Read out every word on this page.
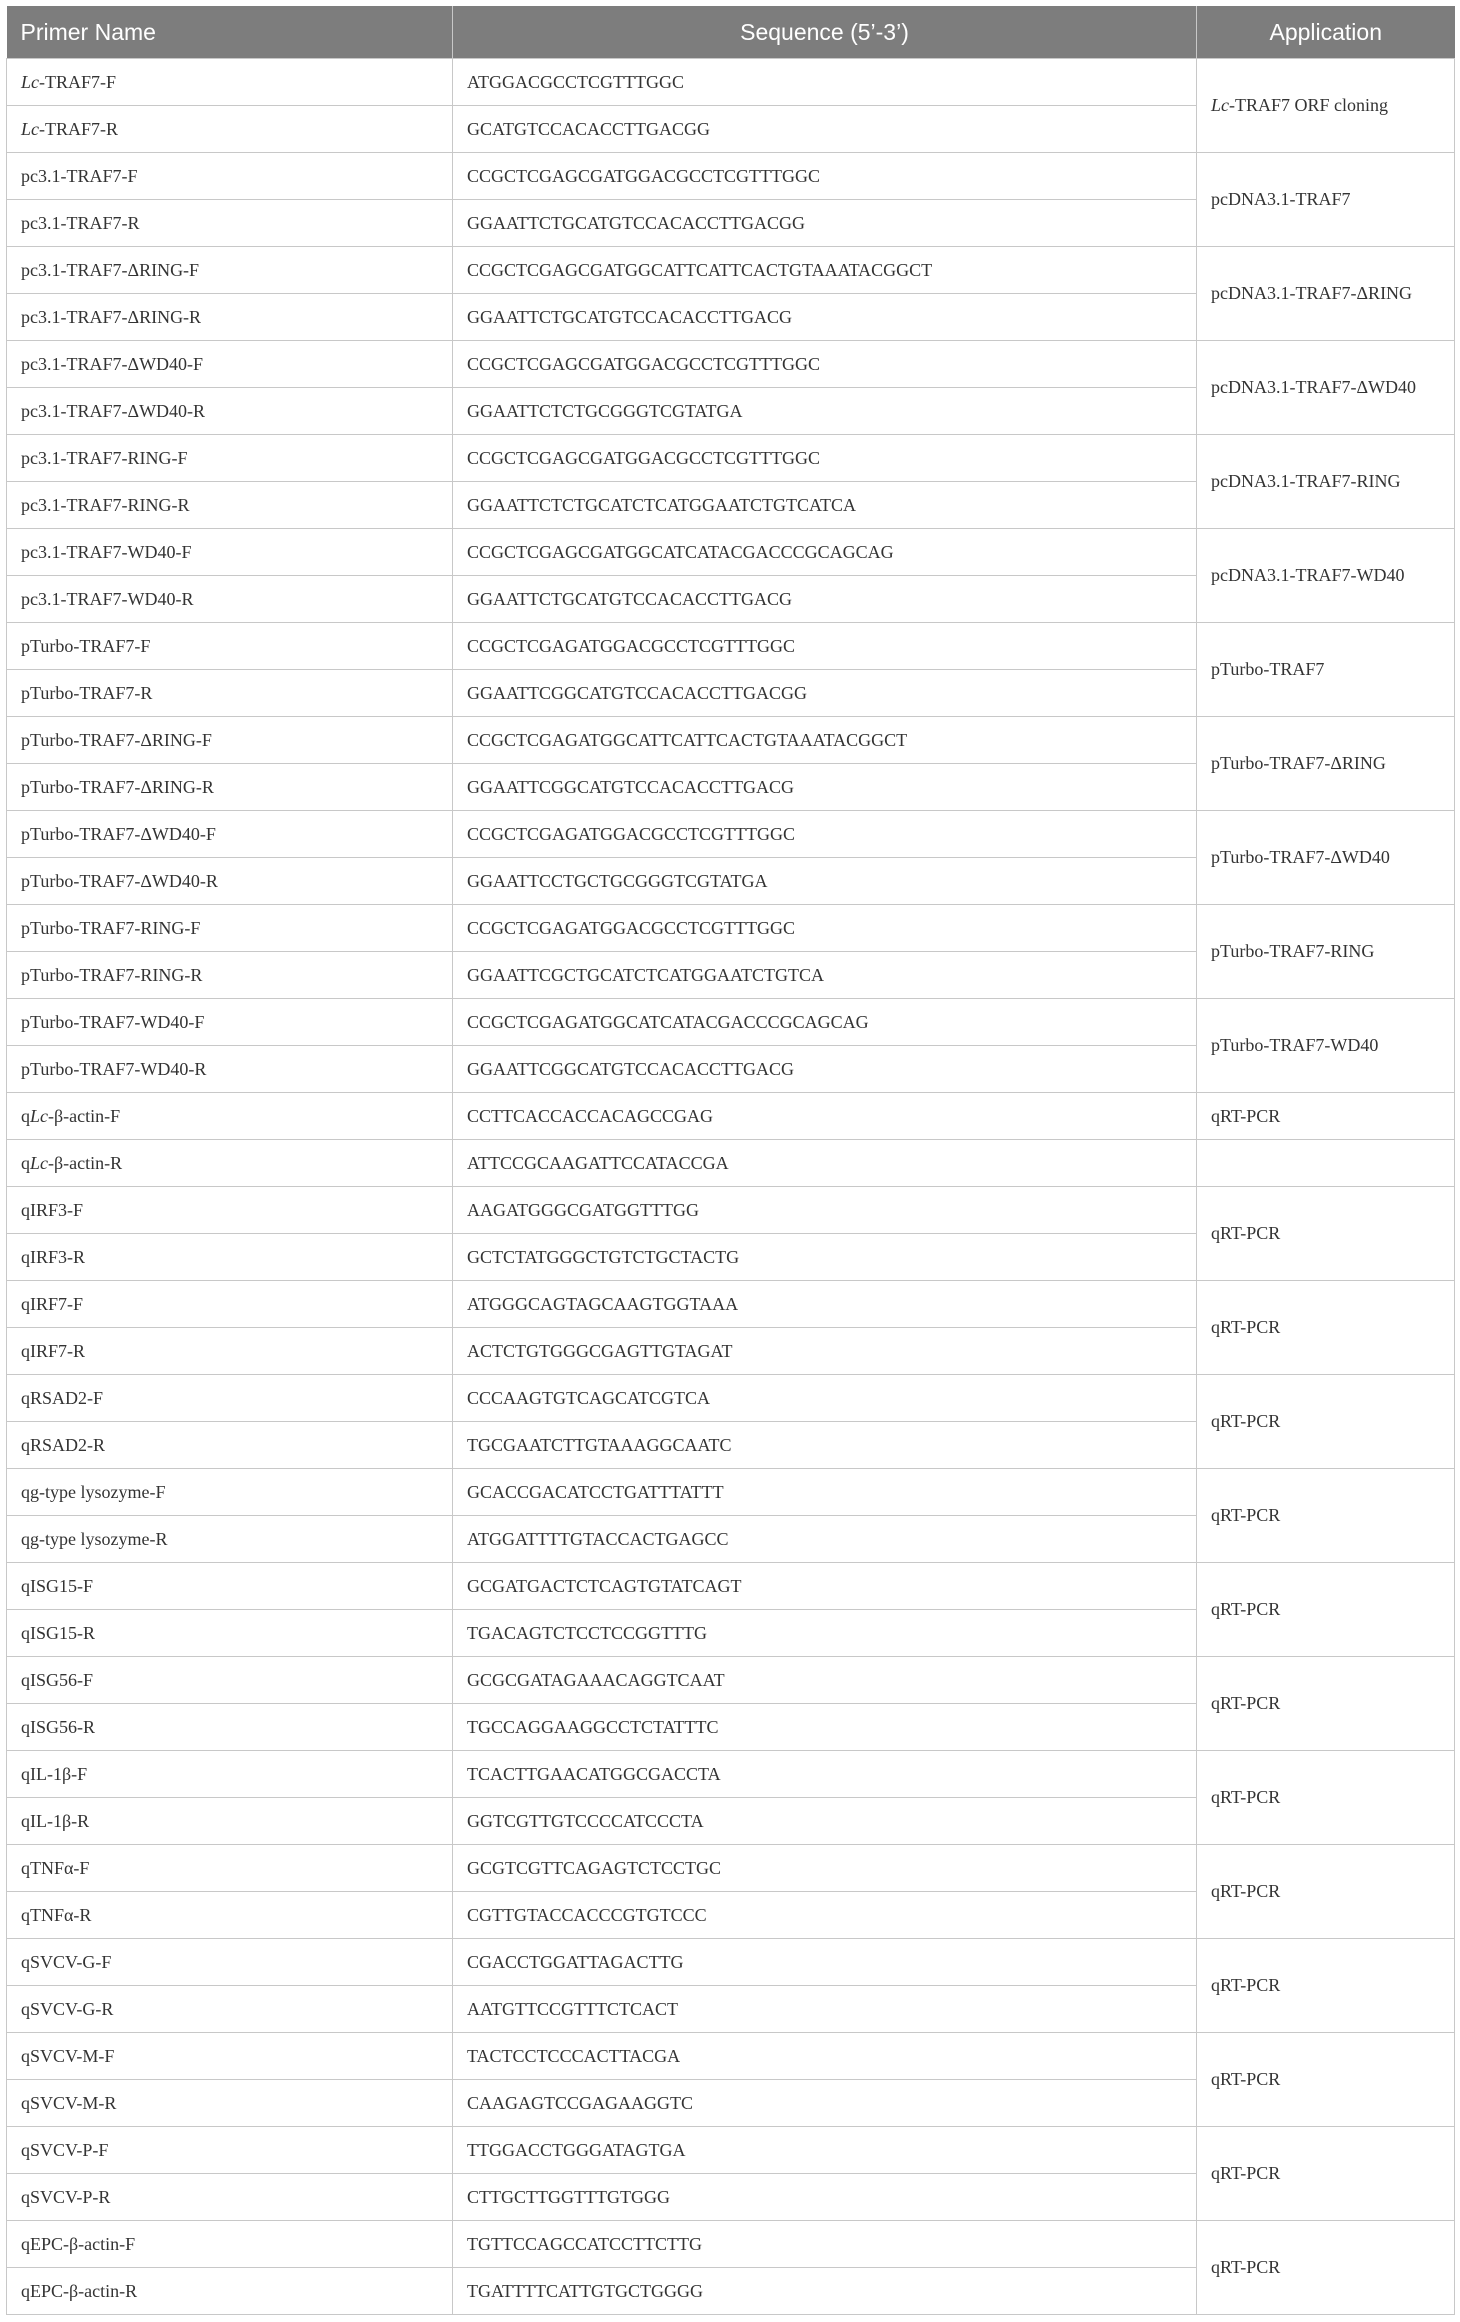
Primer Name	Sequence (5’-3’)	Application
Lc-TRAF7-F	ATGGACGCCTCGTTTGGC	Lc-TRAF7 ORF cloning
Lc-TRAF7-R	GCATGTCCACACCTTGACGG	
pc3.1-TRAF7-F	CCGCTCGAGCGATGGACGCCTCGTTTGGC	pcDNA3.1-TRAF7
pc3.1-TRAF7-R	GGAATTCTGCATGTCCACACCTTGACGG	
pc3.1-TRAF7-ΔRING-F	CCGCTCGAGCGATGGCATTCATTCACTGTAAATACGGCT	pcDNA3.1-TRAF7-ΔRING
pc3.1-TRAF7-ΔRING-R	GGAATTCTGCATGTCCACACCTTGACG	
pc3.1-TRAF7-ΔWD40-F	CCGCTCGAGCGATGGACGCCTCGTTTGGC	pcDNA3.1-TRAF7-ΔWD40
pc3.1-TRAF7-ΔWD40-R	GGAATTCTCTGCGGGTCGTATGA	
pc3.1-TRAF7-RING-F	CCGCTCGAGCGATGGACGCCTCGTTTGGC	pcDNA3.1-TRAF7-RING
pc3.1-TRAF7-RING-R	GGAATTCTCTGCATCTCATGGAATCTGTCATCA	
pc3.1-TRAF7-WD40-F	CCGCTCGAGCGATGGCATCATACGACCCGCAGCAG	pcDNA3.1-TRAF7-WD40
pc3.1-TRAF7-WD40-R	GGAATTCTGCATGTCCACACCTTGACG	
pTurbo-TRAF7-F	CCGCTCGAGATGGACGCCTCGTTTGGC	pTurbo-TRAF7
pTurbo-TRAF7-R	GGAATTCGGCATGTCCACACCTTGACGG	
pTurbo-TRAF7-ΔRING-F	CCGCTCGAGATGGCATTCATTCACTGTAAATACGGCT	pTurbo-TRAF7-ΔRING
pTurbo-TRAF7-ΔRING-R	GGAATTCGGCATGTCCACACCTTGACG	
pTurbo-TRAF7-ΔWD40-F	CCGCTCGAGATGGACGCCTCGTTTGGC	pTurbo-TRAF7-ΔWD40
pTurbo-TRAF7-ΔWD40-R	GGAATTCCTGCTGCGGGTCGTATGA	
pTurbo-TRAF7-RING-F	CCGCTCGAGATGGACGCCTCGTTTGGC	pTurbo-TRAF7-RING
pTurbo-TRAF7-RING-R	GGAATTCGCTGCATCTCATGGAATCTGTCA	
pTurbo-TRAF7-WD40-F	CCGCTCGAGATGGCATCATACGACCCGCAGCAG	pTurbo-TRAF7-WD40
pTurbo-TRAF7-WD40-R	GGAATTCGGCATGTCCACACCTTGACG	
qLc-β-actin-F	CCTTCACCACCACAGCCGAG	qRT-PCR
qLc-β-actin-R	ATTCCGCAAGATTCCATACCGA	
qIRF3-F	AAGATGGGCGATGGTTTGG	qRT-PCR
qIRF3-R	GCTCTATGGGCTGTCTGCTACTG	
qIRF7-F	ATGGGCAGTAGCAAGTGGTAAA	qRT-PCR
qIRF7-R	ACTCTGTGGGCGAGTTGTAGAT	
qRSAD2-F	CCCAAGTGTCAGCATCGTCA	qRT-PCR
qRSAD2-R	TGCGAATCTTGTAAAGGCAATC	
qg-type lysozyme-F	GCACCGACATCCTGATTTATTT	qRT-PCR
qg-type lysozyme-R	ATGGATTTTGTACCACTGAGCC	
qISG15-F	GCGATGACTCTCAGTGTATCAGT	qRT-PCR
qISG15-R	TGACAGTCTCCTCCGGTTTG	
qISG56-F	GCGCGATAGAAACAGGTCAAT	qRT-PCR
qISG56-R	TGCCAGGAAGGCCTCTATTTC	
qIL-1β-F	TCACTTGAACATGGCGACCTA	qRT-PCR
qIL-1β-R	GGTCGTTGTCCCCATCCCTA	
qTNFα-F	GCGTCGTTCAGAGTCTCCTGC	qRT-PCR
qTNFα-R	CGTTGTACCACCCGTGTCCC	
qSVCV-G-F	CGACCTGGATTAGACTTG	qRT-PCR
qSVCV-G-R	AATGTTCCGTTTCTCACT	
qSVCV-M-F	TACTCCTCCCACTTACGA	qRT-PCR
qSVCV-M-R	CAAGAGTCCGAGAAGGTC	
qSVCV-P-F	TTGGACCTGGGATAGTGA	qRT-PCR
qSVCV-P-R	CTTGCTTGGTTTGTGGG	
qEPC-β-actin-F	TGTTCCAGCCATCCTTCTTG	qRT-PCR
qEPC-β-actin-R	TGATTTTCATTGTGCTGGGG	
